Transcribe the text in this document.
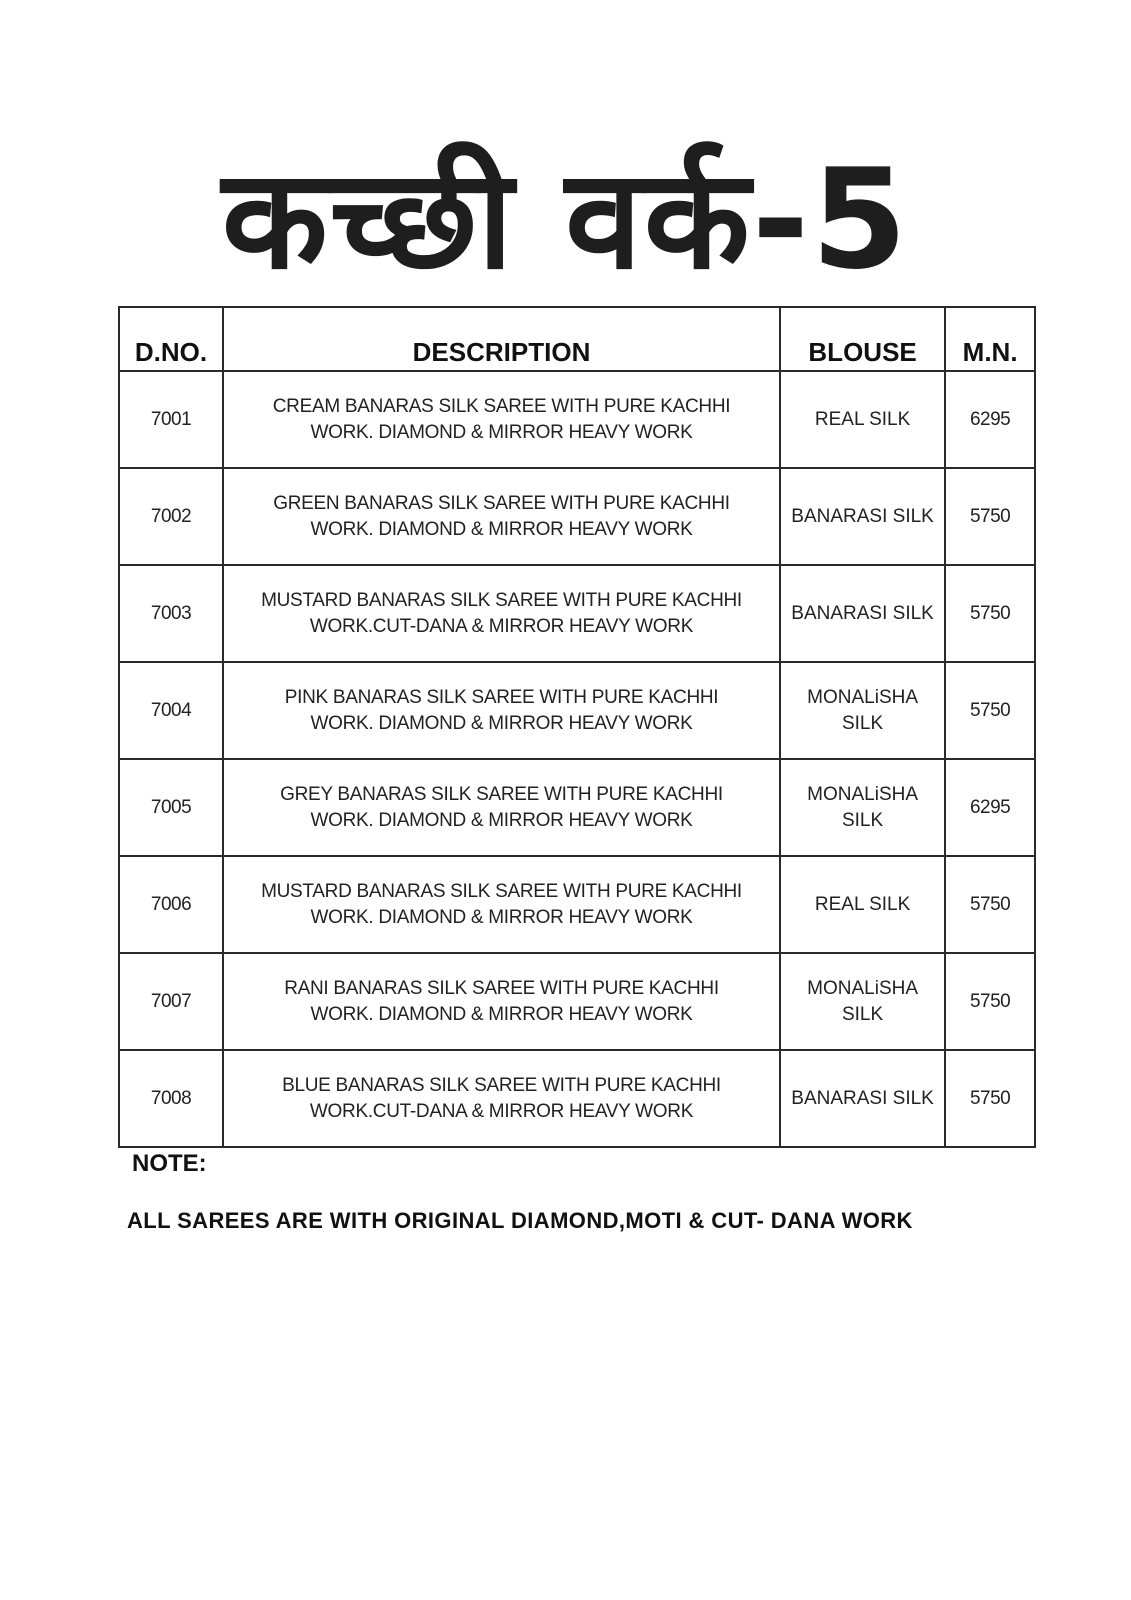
कच्छी वर्क-5
D.NO.	DESCRIPTION	BLOUSE	M.N.
7001	CREAM BANARAS SILK SAREE WITH PURE KACHHI
WORK. DIAMOND & MIRROR HEAVY WORK	REAL SILK	6295
7002	GREEN BANARAS SILK SAREE WITH PURE KACHHI
WORK. DIAMOND & MIRROR HEAVY WORK	BANARASI SILK	5750
7003	MUSTARD BANARAS SILK SAREE WITH PURE KACHHI
WORK.CUT-DANA & MIRROR HEAVY WORK	BANARASI SILK	5750
7004	PINK BANARAS SILK SAREE WITH PURE KACHHI
WORK. DIAMOND & MIRROR HEAVY WORK	MONALiSHA
SILK	5750
7005	GREY BANARAS SILK SAREE WITH PURE KACHHI
WORK. DIAMOND & MIRROR HEAVY WORK	MONALiSHA
SILK	6295
7006	MUSTARD BANARAS SILK SAREE WITH PURE KACHHI
WORK. DIAMOND & MIRROR HEAVY WORK	REAL SILK	5750
7007	RANI BANARAS SILK SAREE WITH PURE KACHHI
WORK. DIAMOND & MIRROR HEAVY WORK	MONALiSHA
SILK	5750
7008	BLUE BANARAS SILK SAREE WITH PURE KACHHI
WORK.CUT-DANA & MIRROR HEAVY WORK	BANARASI SILK	5750
NOTE:
ALL SAREES ARE WITH ORIGINAL DIAMOND,MOTI & CUT- DANA WORK
